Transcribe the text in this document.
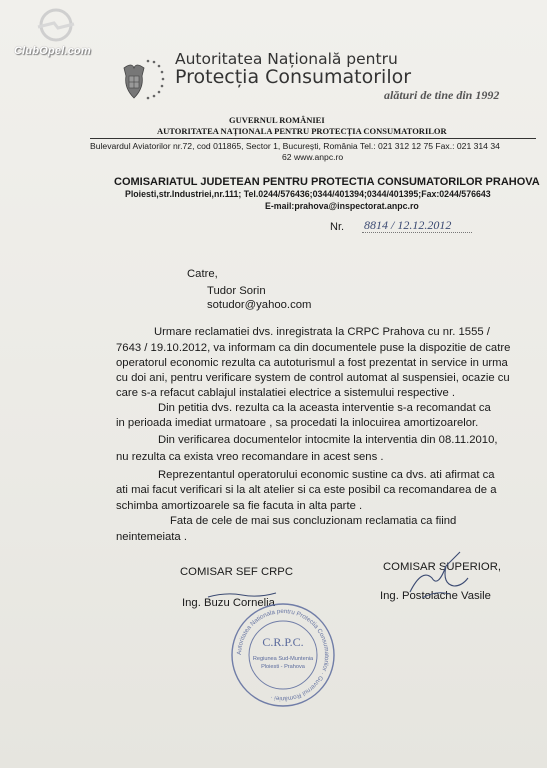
ClubOpel.com	Autoritatea Națională pentru
Protecția Consumatorilor
alături de tine din 1992
GUVERNUL ROMÂNIEI
AUTORITATEA NAȚIONALA PENTRU PROTECȚIA CONSUMATORILOR
Bulevardul Aviatorilor nr.72, cod 011865, Sector 1, București, România Tel.: 021 312 12 75 Fax.: 021 314 34
62 www.anpc.ro
COMISARIATUL JUDETEAN PENTRU PROTECTIA CONSUMATORILOR PRAHOVA
Ploiesti,str.Industriei,nr.111; Tel.0244/576436;0344/401394;0344/401395;Fax:0244/576643
E-mail:prahova@inspectorat.anpc.ro
Nr. 8814 / 12.12.2012
Catre,
Tudor Sorin
sotudor@yahoo.com
Urmare reclamatiei dvs. inregistrata la CRPC Prahova cu nr. 1555 /
7643 / 19.10.2012, va informam ca din documentele puse la dispozitie de catre
operatorul economic rezulta ca autoturismul a fost prezentat in service in urma
cu doi ani, pentru verificare system de control automat al suspensiei, ocazie cu
care s-a refacut cablajul instalatiei electrice a sistemului respective .
Din petitia dvs. rezulta ca la aceasta interventie s-a recomandat ca
in perioada imediat urmatoare , sa procedati la inlocuirea amortizoarelor.
Din verificarea documentelor intocmite la interventia din 08.11.2010,
nu rezulta ca exista vreo recomandare in acest sens .
Reprezentantul operatorului economic sustine ca dvs. ati afirmat ca
ati mai facut verificari si la alt atelier si ca este posibil ca recomandarea de a
schimba amortizoarele sa fie facuta in alta parte .
Fata de cele de mai sus concluzionam reclamatia ca fiind
neintemeiata .
COMISAR SEF CRPC
Ing. Buzu Cornelia
COMISAR SUPERIOR,
Ing. Postolache Vasile
Autoritatea Nationala pentru Protectia Consumatorilor · Guvernul României ·
C.R.P.C.
Regiunea Sud-Muntenia
Ploiesti - Prahova
